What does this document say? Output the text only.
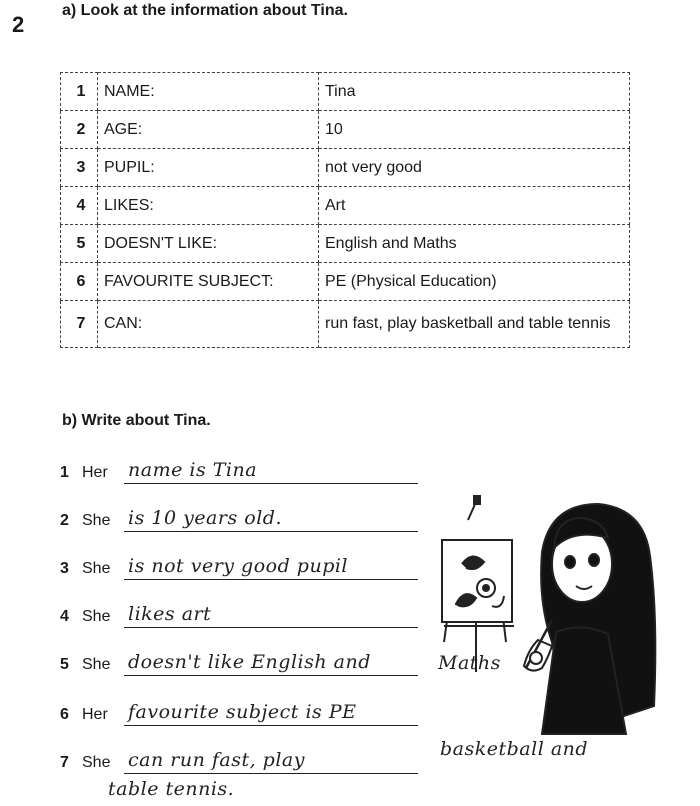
2
a) Look at the information about Tina.
1	NAME:	Tina
2	AGE:	10
3	PUPIL:	not very good
4	LIKES:	Art
5	DOESN'T LIKE:	English and Maths
6	FAVOURITE SUBJECT:	PE (Physical Education)
7	CAN:	run fast, play basketball and table tennis
b) Write about Tina.
1 Her name is Tina
2 She is 10 years old.
3 She is not very good pupil
4 She likes art
5 She doesn't like English and	Maths
6 Her favourite subject is PE
7 She can run fast, play	basketball and
table tennis.
